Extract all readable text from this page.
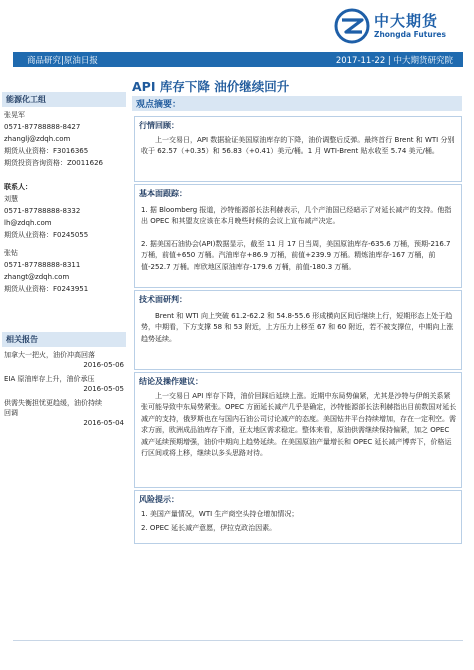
中大期货
Zhongda Futures
商品研究|原油日报	2017-11-22 | 中大期货研究院
能源化工组
张晃军
0571-87788888-8427
zhanglj@zdqh.com
期货从业资格：F3016365
期货投资咨询资格：Z0011626
联系人：
刘慧
0571-87788888-8332
lh@zdqh.com
期货从业资格：F0245055
张钻
0571-87788888-8311
zhangt@zdqh.com
期货从业资格：F0243951
相关报告
加拿大一把火，油价冲高回落
2016-05-06
EIA 原油库存上升，油价承压
2016-05-05
供需失衡担忧更趋缓，油价持续
回调
2016-05-04
API 库存下降 油价继续回升
观点摘要：
行情回顾：
上一交易日，API 数据验证美国原油库存的下降，油价调整后反弹。最终首行 Brent 和 WTI 分别收于 62.57（+0.35）和 56.83（+0.41）美元/桶。1 月 WTI-Brent 贴水收至 5.74 美元/桶。
基本面跟踪：
1. 据 Bloomberg 报道，沙特能源部长法利赫表示，几个产油国已经暗示了对延长减产的支持。他指出 OPEC 和其盟友应该在本月晚些时候的会议上宣布减产决定。
2. 据美国石油协会(API)数据显示，截至 11 月 17 日当周，美国原油库存-635.6 万桶，预期-216.7 万桶，前值+650 万桶。汽油库存+86.9 万桶，前值+239.9 万桶。精炼油库存-167 万桶，前值-252.7 万桶。库欣地区原油库存-179.6 万桶，前值-180.3 万桶。
技术面研判：
Brent 和 WTI 向上突破 61.2-62.2 和 54.8-55.6 形成横向区间后继续上行，短期形态上处于趋势，中期看，下方支撑 58 和 53 附近，上方压力上移至 67 和 60 附近，若不被支撑位，中期向上涨趋势延续。
结论及操作建议：
上一交易日 API 库存下降，油价回踩后延续上涨。近期中东局势偏紧，尤其是沙特与伊朗关系紧张可能导致中东局势紧张。OPEC 方面延长减产几乎是确定，沙特能源部长法利赫指出目前数国对延长减产的支持，俄罗斯也在与国内石油公司讨论减产的态度。美国钻井平台持续增加，存在一定利空。需求方面，欧洲成品油库存下滑，亚太地区需求稳定。整体来看，原油供需继续保持偏紧，加之 OPEC 减产延续预期增强，油价中期向上趋势延续。在美国原油产量增长和 OPEC 延长减产博弈下，价格运行区间或将上移，继续以多头思路对待。
风险提示：
1. 美国产量情况，WTI 生产商空头持仓增加情况；
2. OPEC 延长减产意愿，伊拉克政治因素。
